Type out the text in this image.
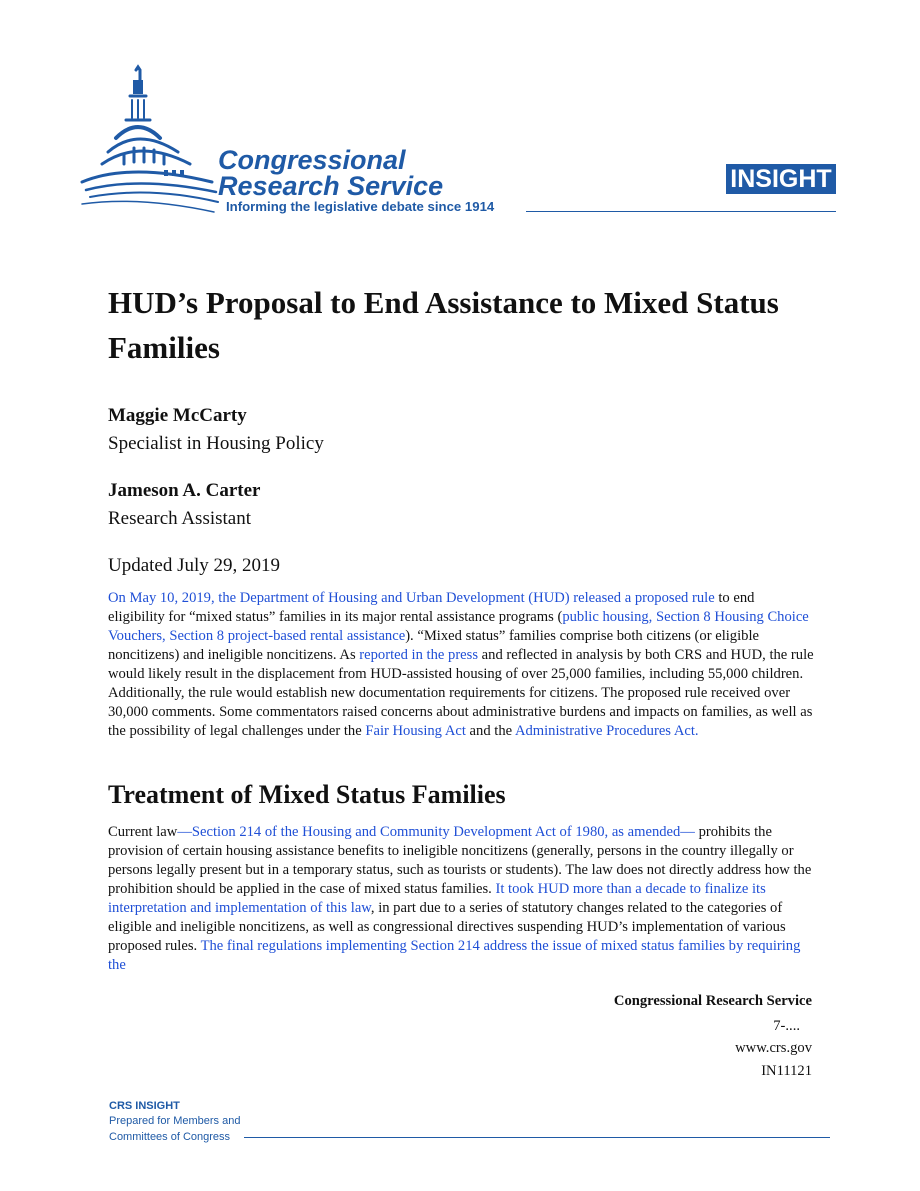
Congressional
Research Service
Informing the legislative debate since 1914
INSIGHT
HUD’s Proposal to End Assistance to Mixed Status Families
Maggie McCarty
Specialist in Housing Policy
Jameson A. Carter
Research Assistant
Updated July 29, 2019

On May 10, 2019, the Department of Housing and Urban Development (HUD) released a proposed rule to end eligibility for “mixed status” families in its major rental assistance programs (public housing, Section 8 Housing Choice Vouchers, Section 8 project-based rental assistance). “Mixed status” families comprise both citizens (or eligible noncitizens) and ineligible noncitizens. As reported in the press and reflected in analysis by both CRS and HUD, the rule would likely result in the displacement from HUD-assisted housing of over 25,000 families, including 55,000 children. Additionally, the rule would establish new documentation requirements for citizens. The proposed rule received over 30,000 comments. Some commentators raised concerns about administrative burdens and impacts on families, as well as the possibility of legal challenges under the Fair Housing Act and the Administrative Procedures Act.

Treatment of Mixed Status Families

Current law—Section 214 of the Housing and Community Development Act of 1980, as amended— prohibits the provision of certain housing assistance benefits to ineligible noncitizens (generally, persons in the country illegally or persons legally present but in a temporary status, such as tourists or students). The law does not directly address how the prohibition should be applied in the case of mixed status families. It took HUD more than a decade to finalize its interpretation and implementation of this law, in part due to a series of statutory changes related to the categories of eligible and ineligible noncitizens, as well as congressional directives suspending HUD’s implementation of various proposed rules. The final regulations implementing Section 214 address the issue of mixed status families by requiring the

Congressional Research Service
7-....
www.crs.gov
IN11121
CRS INSIGHT
Prepared for Members and
Committees of Congress
